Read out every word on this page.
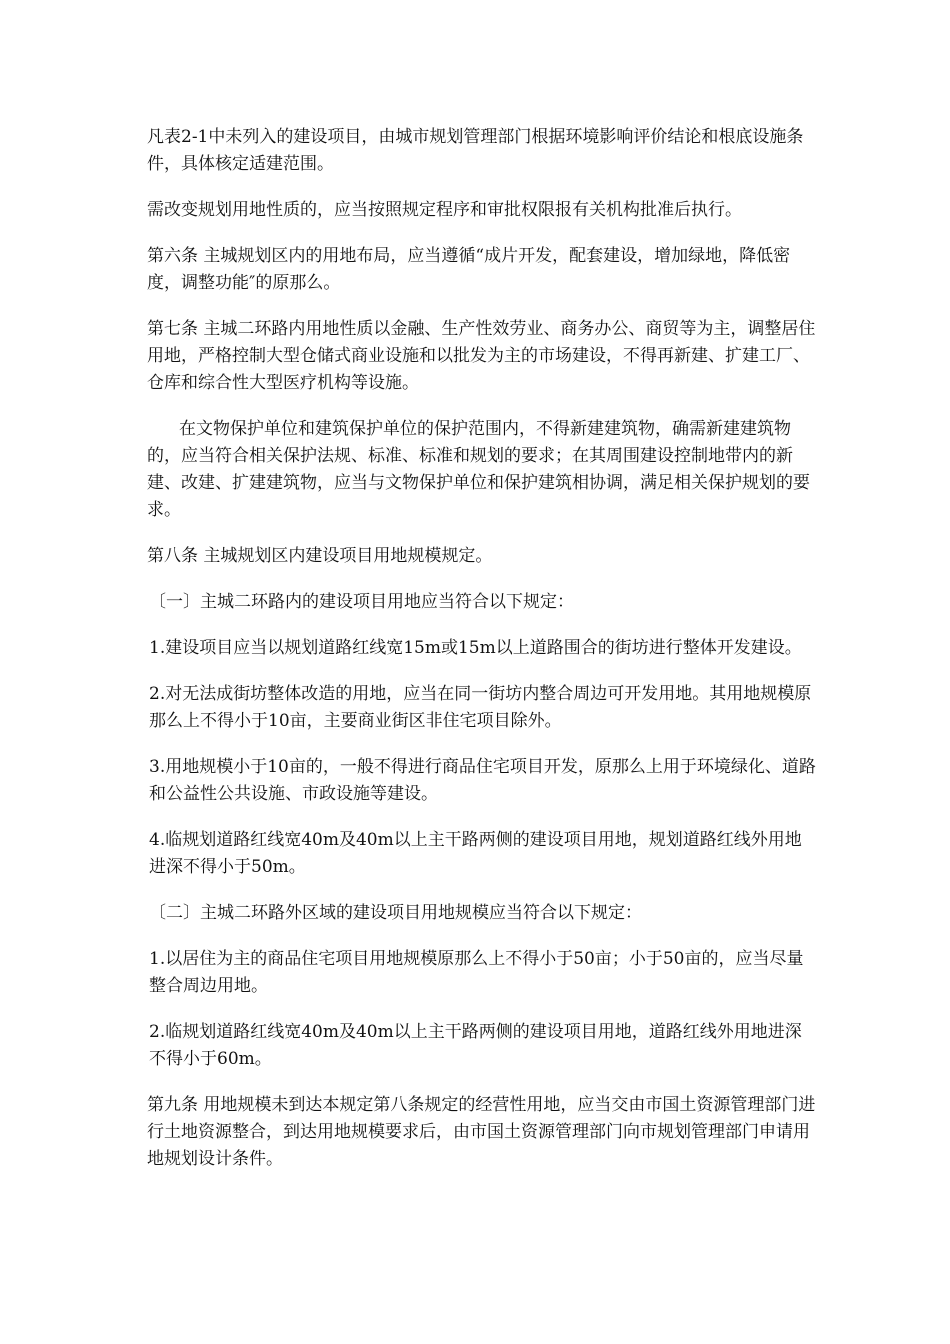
凡表2-1中未列入的建设项目，由城市规划管理部门根据环境影响评价结论和根底设施条件，具体核定适建范围。

需改变规划用地性质的，应当按照规定程序和审批权限报有关机构批准后执行。

第六条 主城规划区内的用地布局，应当遵循“成片开发，配套建设，增加绿地，降低密度，调整功能″的原那么。

第七条 主城二环路内用地性质以金融、生产性效劳业、商务办公、商贸等为主，调整居住用地，严格控制大型仓储式商业设施和以批发为主的市场建设，不得再新建、扩建工厂、仓库和综合性大型医疗机构等设施。

在文物保护单位和建筑保护单位的保护范围内，不得新建建筑物，确需新建建筑物的，应当符合相关保护法规、标准、标准和规划的要求；在其周围建设控制地带内的新建、改建、扩建建筑物，应当与文物保护单位和保护建筑相协调，满足相关保护规划的要求。

第八条 主城规划区内建设项目用地规模规定。

〔一〕主城二环路内的建设项目用地应当符合以下规定：

1.建设项目应当以规划道路红线宽15m或15m以上道路围合的街坊进行整体开发建设。

2.对无法成街坊整体改造的用地，应当在同一街坊内整合周边可开发用地。其用地规模原那么上不得小于10亩，主要商业街区非住宅项目除外。

3.用地规模小于10亩的，一般不得进行商品住宅项目开发，原那么上用于环境绿化、道路和公益性公共设施、市政设施等建设。

4.临规划道路红线宽40m及40m以上主干路两侧的建设项目用地，规划道路红线外用地进深不得小于50m。

〔二〕主城二环路外区域的建设项目用地规模应当符合以下规定：

1.以居住为主的商品住宅项目用地规模原那么上不得小于50亩；小于50亩的，应当尽量整合周边用地。

2.临规划道路红线宽40m及40m以上主干路两侧的建设项目用地，道路红线外用地进深不得小于60m。

第九条 用地规模未到达本规定第八条规定的经营性用地，应当交由市国土资源管理部门进行土地资源整合，到达用地规模要求后，由市国土资源管理部门向市规划管理部门申请用地规划设计条件。
